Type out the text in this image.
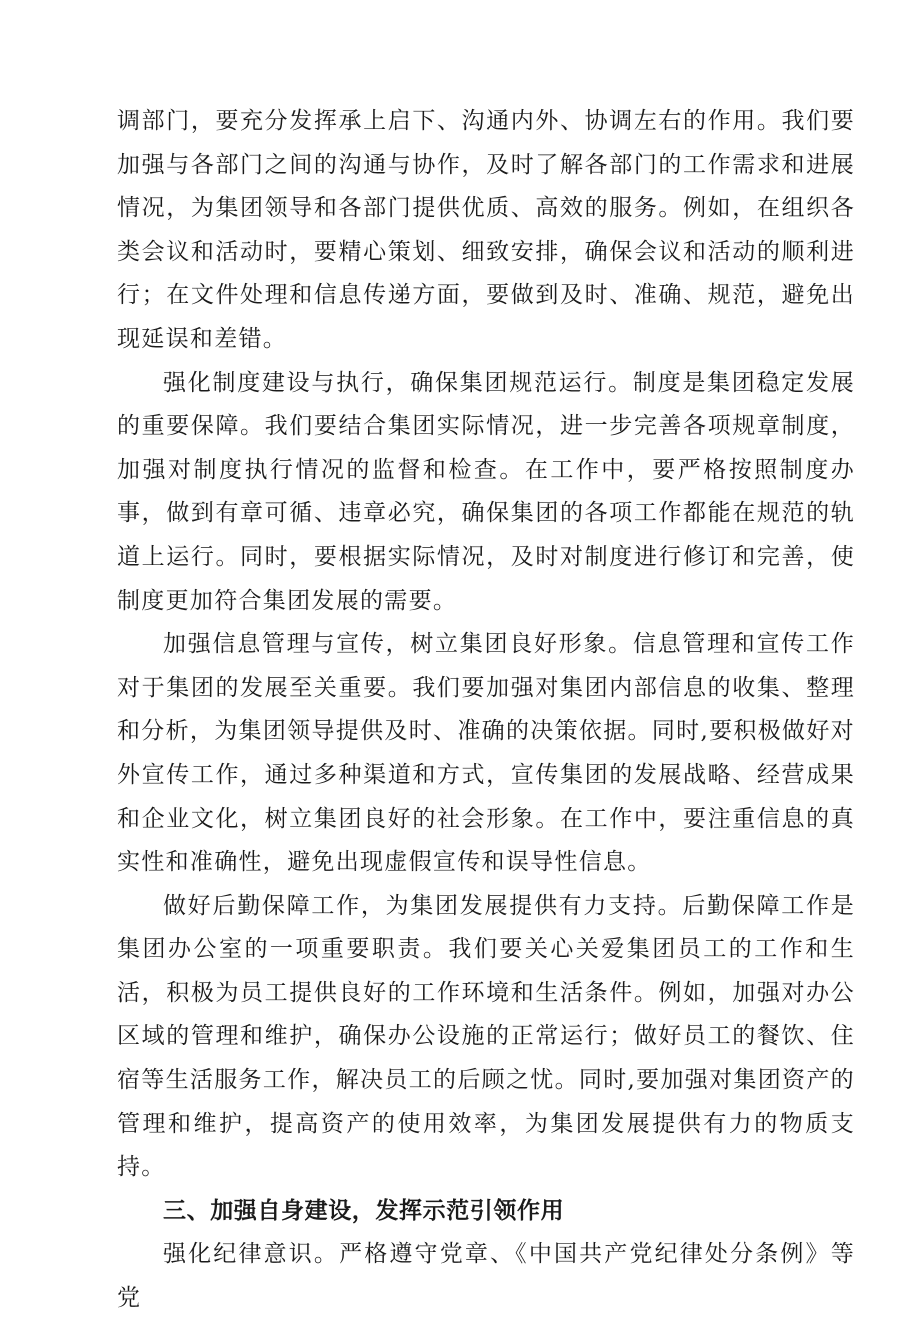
调部门，要充分发挥承上启下、沟通内外、协调左右的作用。我们要加强与各部门之间的沟通与协作，及时了解各部门的工作需求和进展情况，为集团领导和各部门提供优质、高效的服务。例如，在组织各类会议和活动时，要精心策划、细致安排，确保会议和活动的顺利进行；在文件处理和信息传递方面，要做到及时、准确、规范，避免出现延误和差错。

强化制度建设与执行，确保集团规范运行。制度是集团稳定发展的重要保障。我们要结合集团实际情况，进一步完善各项规章制度，加强对制度执行情况的监督和检查。在工作中，要严格按照制度办事，做到有章可循、违章必究，确保集团的各项工作都能在规范的轨道上运行。同时，要根据实际情况，及时对制度进行修订和完善，使制度更加符合集团发展的需要。

加强信息管理与宣传，树立集团良好形象。信息管理和宣传工作对于集团的发展至关重要。我们要加强对集团内部信息的收集、整理和分析，为集团领导提供及时、准确的决策依据。同时,要积极做好对外宣传工作，通过多种渠道和方式，宣传集团的发展战略、经营成果和企业文化，树立集团良好的社会形象。在工作中，要注重信息的真实性和准确性，避免出现虚假宣传和误导性信息。

做好后勤保障工作，为集团发展提供有力支持。后勤保障工作是集团办公室的一项重要职责。我们要关心关爱集团员工的工作和生活，积极为员工提供良好的工作环境和生活条件。例如，加强对办公区域的管理和维护，确保办公设施的正常运行；做好员工的餐饮、住宿等生活服务工作，解决员工的后顾之忧。同时,要加强对集团资产的管理和维护，提高资产的使用效率，为集团发展提供有力的物质支持。

三、加强自身建设，发挥示范引领作用

强化纪律意识。严格遵守党章、《中国共产党纪律处分条例》等党
